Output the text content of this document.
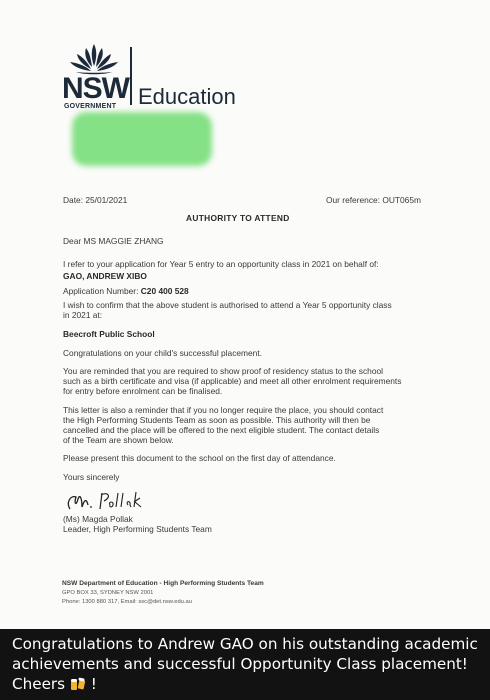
NSW
GOVERNMENT Education
Date: 25/01/2021	Our reference: OUT065m
AUTHORITY TO ATTEND
Dear MS MAGGIE ZHANG
I refer to your application for Year 5 entry to an opportunity class in 2021 on behalf of:
GAO, ANDREW XIBO
Application Number: C20 400 528
I wish to confirm that the above student is authorised to attend a Year 5 opportunity class
in 2021 at:
Beecroft Public School
Congratulations on your child's successful placement.
You are reminded that you are required to show proof of residency status to the school
such as a birth certificate and visa (if applicable) and meet all other enrolment requirements
for entry before enrolment can be finalised.
This letter is also a reminder that if you no longer require the place, you should contact
the High Performing Students Team as soon as possible. This authority will then be
cancelled and the place will be offered to the next eligible student. The contact details
of the Team are shown below.
Please present this document to the school on the first day of attendance.
Yours sincerely
(Ms) Magda Pollak
Leader, High Performing Students Team
NSW Department of Education - High Performing Students Team
GPO BOX 33, SYDNEY NSW 2001
Phone: 1300 880 317, Email: ssc@det.nsw.edu.au
Congratulations to Andrew GAO on his outstanding academic achievements and successful Opportunity Class placement! Cheers !
